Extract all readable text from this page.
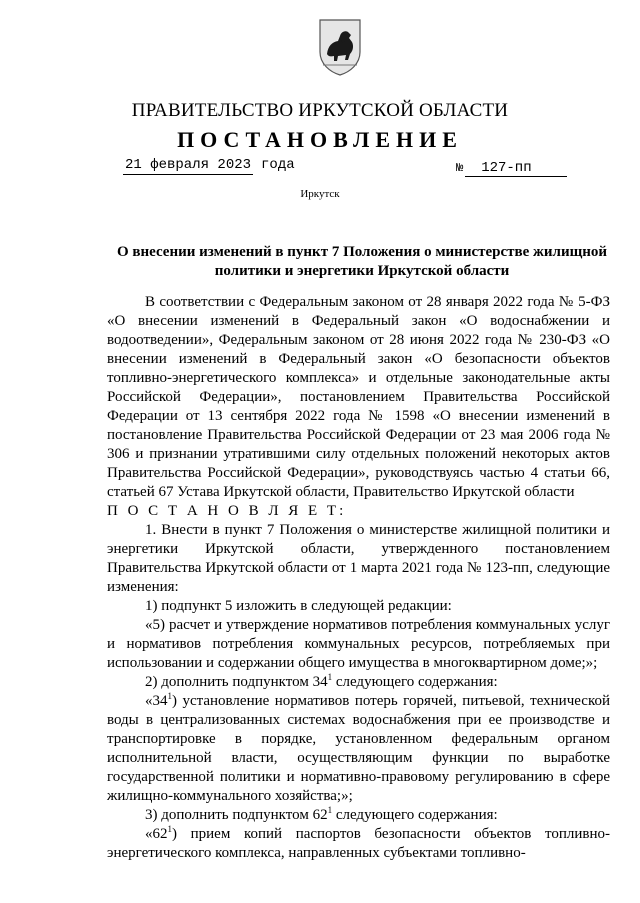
ПРАВИТЕЛЬСТВО ИРКУТСКОЙ ОБЛАСТИ
ПОСТАНОВЛЕНИЕ
21 февраля 2023 года	№ 127-пп
Иркутск
О внесении изменений в пункт 7 Положения о министерстве жилищной политики и энергетики Иркутской области

В соответствии с Федеральным законом от 28 января 2022 года № 5-ФЗ «О внесении изменений в Федеральный закон «О водоснабжении и водоотведении», Федеральным законом от 28 июня 2022 года № 230-ФЗ «О внесении изменений в Федеральный закон «О безопасности объектов топливно-энергетического комплекса» и отдельные законодательные акты Российской Федерации», постановлением Правительства Российской Федерации от 13 сентября 2022 года № 1598 «О внесении изменений в постановление Правительства Российской Федерации от 23 мая 2006 года № 306 и признании утратившими силу отдельных положений некоторых актов Правительства Российской Федерации», руководствуясь частью 4 статьи 66, статьей 67 Устава Иркутской области, Правительство Иркутской области

П О С Т А Н О В Л Я Е Т:

1. Внести в пункт 7 Положения о министерстве жилищной политики и энергетики Иркутской области, утвержденного постановлением Правительства Иркутской области от 1 марта 2021 года № 123-пп, следующие изменения:

1) подпункт 5 изложить в следующей редакции:

«5) расчет и утверждение нормативов потребления коммунальных услуг и нормативов потребления коммунальных ресурсов, потребляемых при использовании и содержании общего имущества в многоквартирном доме;»;

2) дополнить подпунктом $34^1$ следующего содержания:

«$34^1$) установление нормативов потерь горячей, питьевой, технической воды в централизованных системах водоснабжения при ее производстве и транспортировке в порядке, установленном федеральным органом исполнительной власти, осуществляющим функции по выработке государственной политики и нормативно-правовому регулированию в сфере жилищно-коммунального хозяйства;»;

3) дополнить подпунктом $62^1$ следующего содержания:

«$62^1$) прием копий паспортов безопасности объектов топливно-энергетического комплекса, направленных субъектами топливно-
